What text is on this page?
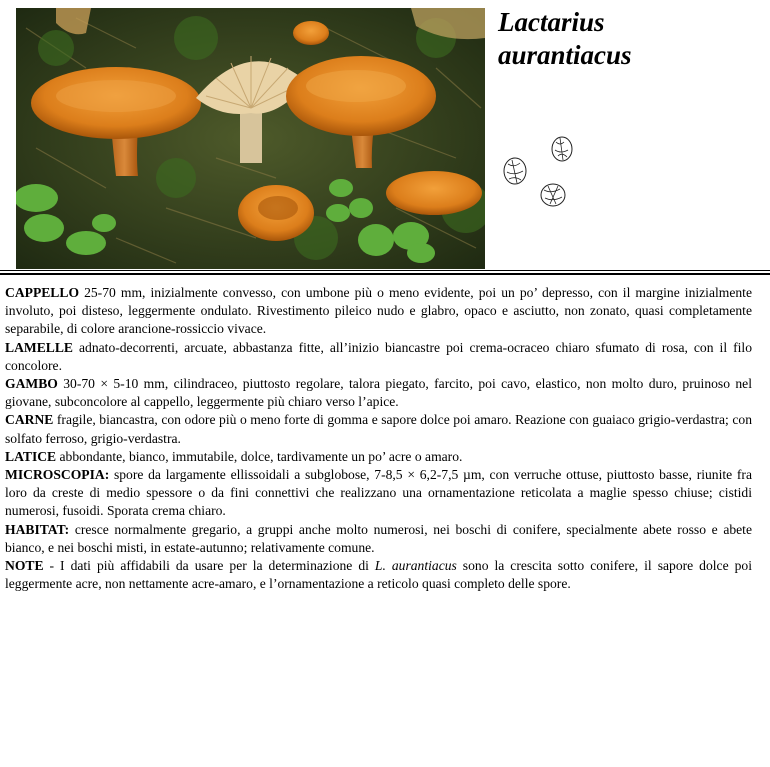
Lactarius
aurantiacus

CAPPELLO 25-70 mm, inizialmente convesso, con umbone più o meno evidente, poi un po’ depresso, con il margine inizialmente involuto, poi disteso, leggermente ondulato. Rivestimento pileico nudo e glabro, opaco e asciutto, non zonato, quasi completamente separabile, di colore arancione-rossiccio vivace.

LAMELLE adnato-decorrenti, arcuate, abbastanza fitte, all’inizio biancastre poi crema-ocraceo chiaro sfumato di rosa, con il filo concolore.

GAMBO 30-70 × 5-10 mm, cilindraceo, piuttosto regolare, talora piegato, farcito, poi cavo, elastico, non molto duro, pruinoso nel giovane, subconcolore al cappello, leggermente più chiaro verso l’apice.

CARNE fragile, biancastra, con odore più o meno forte di gomma e sapore dolce poi amaro. Reazione con guaiaco grigio-verdastra; con solfato ferroso, grigio-verdastra.

LATICE abbondante, bianco, immutabile, dolce, tardivamente un po’ acre o amaro.

MICROSCOPIA: spore da largamente ellissoidali a subglobose, 7-8,5 × 6,2-7,5 µm, con verruche ottuse, piuttosto basse, riunite fra loro da creste di medio spessore o da fini connettivi che realizzano una ornamentazione reticolata a maglie spesso chiuse; cistidi numerosi, fusoidi. Sporata crema chiaro.

HABITAT: cresce normalmente gregario, a gruppi anche molto numerosi, nei boschi di conifere, specialmente abete rosso e abete bianco, e nei boschi misti, in estate-autunno; relativamente comune.

NOTE - I dati più affidabili da usare per la determinazione di L. aurantiacus sono la crescita sotto conifere, il sapore dolce poi leggermente acre, non nettamente acre-amaro, e l’ornamentazione a reticolo quasi completo delle spore.
